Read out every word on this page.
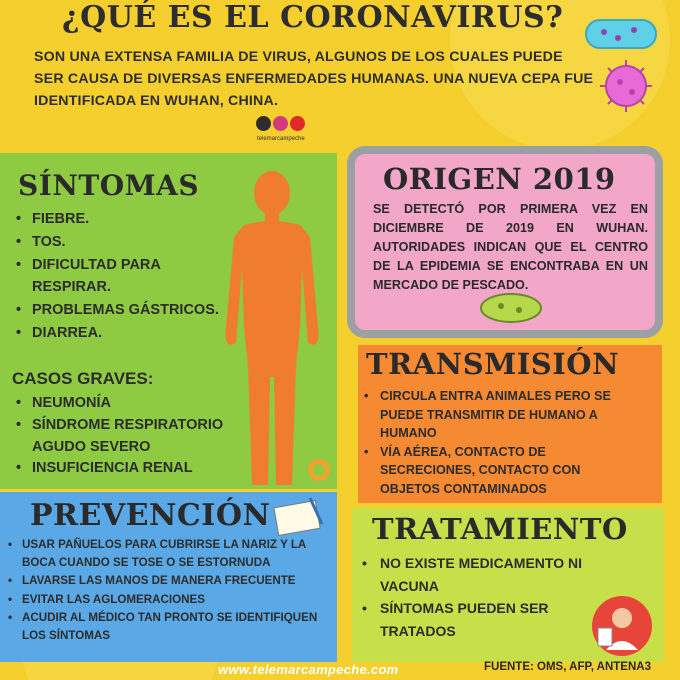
¿QUÉ ES EL CORONAVIRUS?
SON UNA EXTENSA FAMILIA DE VIRUS, ALGUNOS DE LOS CUALES PUEDE SER CAUSA DE DIVERSAS ENFERMEDADES HUMANAS. UNA NUEVA CEPA FUE IDENTIFICADA EN WUHAN, CHINA.
telemarcampeche
SÍNTOMAS
• FIEBRE.
• TOS.
• DIFICULTAD PARA RESPIRAR.
• PROBLEMAS GÁSTRICOS.
• DIARREA.
CASOS GRAVES:
• NEUMONÍA
• SÍNDROME RESPIRATORIO AGUDO SEVERO
• INSUFICIENCIA RENAL
ORIGEN 2019
SE DETECTÓ POR PRIMERA VEZ EN DICIEMBRE DE 2019 EN WUHAN. AUTORIDADES INDICAN QUE EL CENTRO DE LA EPIDEMIA SE ENCONTRABA EN UN MERCADO DE PESCADO.
TRANSMISIÓN
• CIRCULA ENTRA ANIMALES PERO SE PUEDE TRANSMITIR DE HUMANO A HUMANO
• VÍA AÉREA, CONTACTO DE SECRECIONES, CONTACTO CON OBJETOS CONTAMINADOS
PREVENCIÓN
• USAR PAÑUELOS PARA CUBRIRSE LA NARIZ Y LA BOCA CUANDO SE TOSE O SE ESTORNUDA
• LAVARSE LAS MANOS DE MANERA FRECUENTE
• EVITAR LAS AGLOMERACIONES
• ACUDIR AL MÉDICO TAN PRONTO SE IDENTIFIQUEN LOS SÍNTOMAS
TRATAMIENTO
• NO EXISTE MEDICAMENTO NI VACUNA
• SÍNTOMAS PUEDEN SER TRATADOS
www.telemarcampeche.com	FUENTE: OMS, AFP, ANTENA3
